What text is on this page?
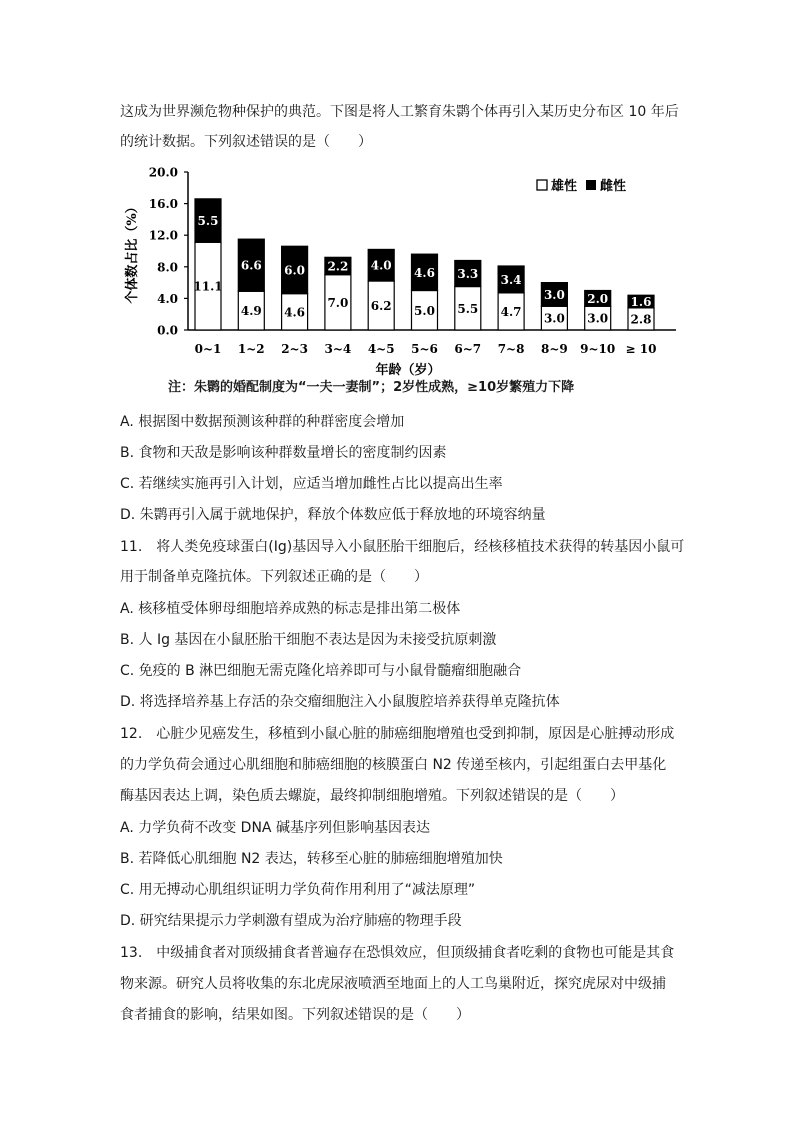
这成为世界濒危物种保护的典范。下图是将人工繁育朱鹮个体再引入某历史分布区 10 年后
的统计数据。下列叙述错误的是（　　）
个体数占比（%）
20.0
16.0
12.0
8.0
4.0
0.0
11.1
5.5
4.9
6.6
4.6
6.0
7.0
2.2
6.2
4.0
5.0
4.6
5.5
3.3
4.7
3.4
3.0
3.0
3.0
2.0
2.8
1.6
0~1 1~2 2~3 3~4 4~5 5~6 6~7 7~8 8~9 9~10 ≥ 10
雄性 雌性
年龄（岁）
注：朱鹮的婚配制度为“一夫一妻制”；2岁性成熟，≥10岁繁殖力下降
A. 根据图中数据预测该种群的种群密度会增加
B. 食物和天敌是影响该种群数量增长的密度制约因素
C. 若继续实施再引入计划，应适当增加雌性占比以提高出生率
D. 朱鹮再引入属于就地保护，释放个体数应低于释放地的环境容纳量
11.　将人类免疫球蛋白(Ig)基因导入小鼠胚胎干细胞后，经核移植技术获得的转基因小鼠可
用于制备单克隆抗体。下列叙述正确的是（　　）
A. 核移植受体卵母细胞培养成熟的标志是排出第二极体
B. 人 Ig 基因在小鼠胚胎干细胞不表达是因为未接受抗原刺激
C. 免疫的 B 淋巴细胞无需克隆化培养即可与小鼠骨髓瘤细胞融合
D. 将选择培养基上存活的杂交瘤细胞注入小鼠腹腔培养获得单克隆抗体
12.　心脏少见癌发生，移植到小鼠心脏的肺癌细胞增殖也受到抑制，原因是心脏搏动形成
的力学负荷会通过心肌细胞和肺癌细胞的核膜蛋白 N2 传递至核内，引起组蛋白去甲基化
酶基因表达上调，染色质去螺旋，最终抑制细胞增殖。下列叙述错误的是（　　）
A. 力学负荷不改变 DNA 碱基序列但影响基因表达
B. 若降低心肌细胞 N2 表达，转移至心脏的肺癌细胞增殖加快
C. 用无搏动心肌组织证明力学负荷作用利用了“减法原理”
D. 研究结果提示力学刺激有望成为治疗肺癌的物理手段
13.　中级捕食者对顶级捕食者普遍存在恐惧效应，但顶级捕食者吃剩的食物也可能是其食
物来源。研究人员将收集的东北虎尿液喷洒至地面上的人工鸟巢附近，探究虎尿对中级捕
食者捕食的影响，结果如图。下列叙述错误的是（　　）
